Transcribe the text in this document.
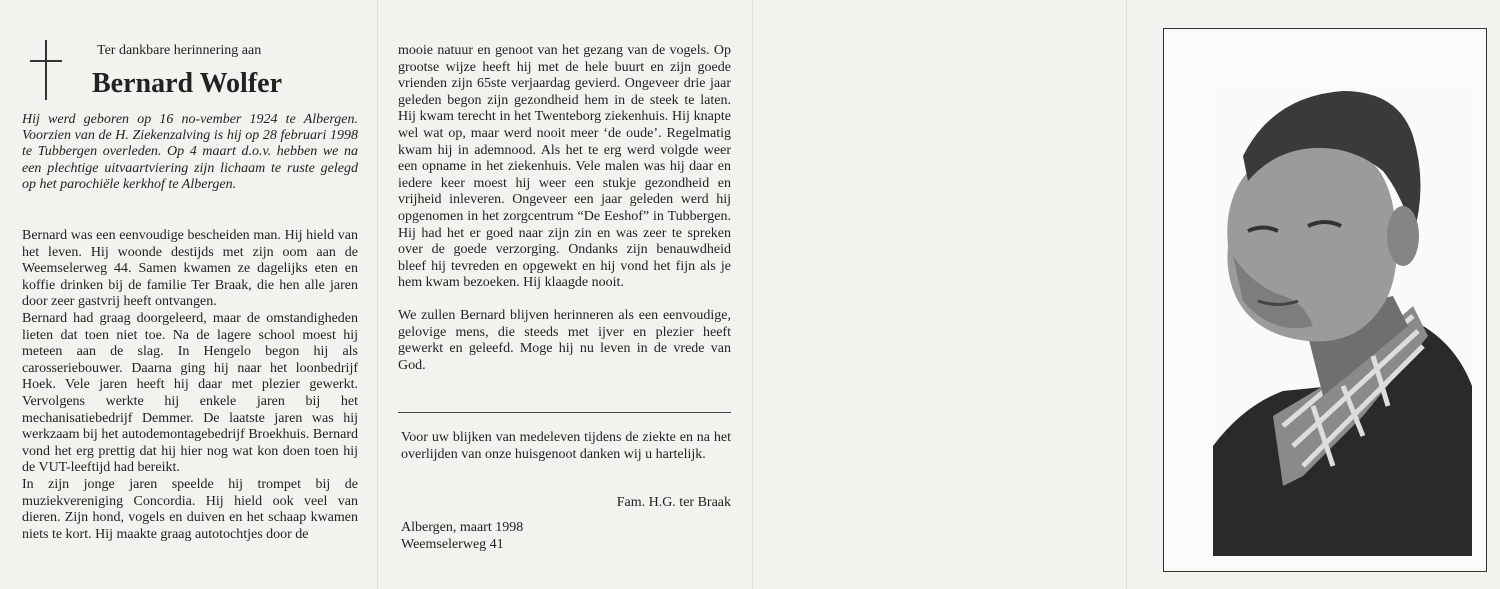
Ter dankbare herinnering aan
Bernard Wolfer
Hij werd geboren op 16 no-vember 1924 te Albergen. Voorzien van de H. Ziekenzalving is hij op 28 februari 1998 te Tubbergen overleden. Op 4 maart d.o.v. hebben we na een plechtige uitvaartviering zijn lichaam te ruste gelegd op het parochiële kerkhof te Albergen.

Bernard was een eenvoudige bescheiden man. Hij hield van het leven. Hij woonde destijds met zijn oom aan de Weemselerweg 44. Samen kwamen ze dagelijks eten en koffie drinken bij de familie Ter Braak, die hen alle jaren door zeer gastvrij heeft ontvangen.

Bernard had graag doorgeleerd, maar de omstandigheden lieten dat toen niet toe. Na de lagere school moest hij meteen aan de slag. In Hengelo begon hij als carosseriebouwer. Daarna ging hij naar het loonbedrijf Hoek. Vele jaren heeft hij daar met plezier gewerkt. Vervolgens werkte hij enkele jaren bij het mechanisatiebedrijf Demmer. De laatste jaren was hij werkzaam bij het autodemontagebedrijf Broekhuis. Bernard vond het erg prettig dat hij hier nog wat kon doen toen hij de VUT-leeftijd had bereikt.

In zijn jonge jaren speelde hij trompet bij de muziekvereniging Concordia. Hij hield ook veel van dieren. Zijn hond, vogels en duiven en het schaap kwamen niets te kort. Hij maakte graag autotochtjes door de

mooie natuur en genoot van het gezang van de vogels. Op grootse wijze heeft hij met de hele buurt en zijn goede vrienden zijn 65ste verjaardag gevierd. Ongeveer drie jaar geleden begon zijn gezondheid hem in de steek te laten. Hij kwam terecht in het Twenteborg ziekenhuis. Hij knapte wel wat op, maar werd nooit meer ‘de oude’. Regelmatig kwam hij in ademnood. Als het te erg werd volgde weer een opname in het ziekenhuis. Vele malen was hij daar en iedere keer moest hij weer een stukje gezondheid en vrijheid inleveren. Ongeveer een jaar geleden werd hij opgenomen in het zorgcentrum “De Eeshof” in Tubbergen. Hij had het er goed naar zijn zin en was zeer te spreken over de goede verzorging. Ondanks zijn benauwdheid bleef hij tevreden en opgewekt en hij vond het fijn als je hem kwam bezoeken. Hij klaagde nooit.

We zullen Bernard blijven herinneren als een eenvoudige, gelovige mens, die steeds met ijver en plezier heeft gewerkt en geleefd. Moge hij nu leven in de vrede van God.

Voor uw blijken van medeleven tijdens de ziekte en na het overlijden van onze huisgenoot danken wij u hartelijk.

Fam. H.G. ter Braak
Albergen, maart 1998
Weemselerweg 41
